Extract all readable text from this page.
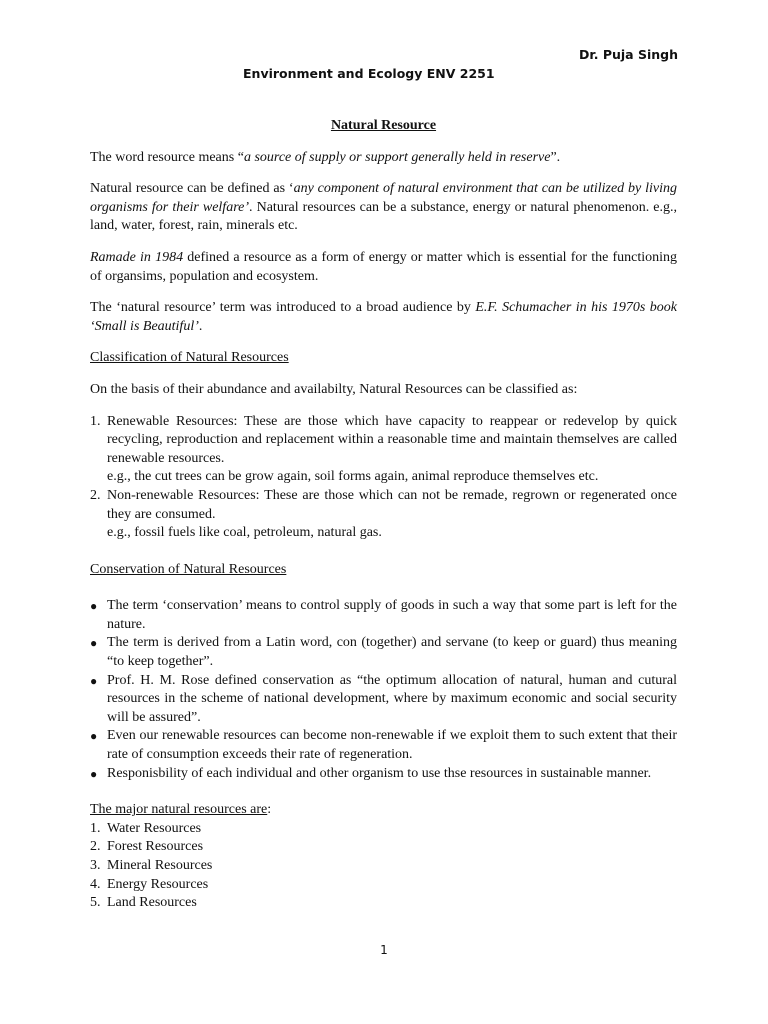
Dr. Puja Singh
Environment and Ecology ENV 2251
Natural Resource

The word resource means “a source of supply or support generally held in reserve”.

Natural resource can be defined as ‘any component of natural environment that can be utilized by living organisms for their welfare’. Natural resources can be a substance, energy or natural phenomenon. e.g., land, water, forest, rain, minerals etc.

Ramade in 1984 defined a resource as a form of energy or matter which is essential for the functioning of organsims, population and ecosystem.

The ‘natural resource’ term was introduced to a broad audience by E.F. Schumacher in his 1970s book ‘Small is Beautiful’.

Classification of Natural Resources

On the basis of their abundance and availabilty, Natural Resources can be classified as:

1. Renewable Resources: These are those which have capacity to reappear or redevelop by quick recycling, reproduction and replacement within a reasonable time and maintain themselves are called renewable resources.
e.g., the cut trees can be grow again, soil forms again, animal reproduce themselves etc.
2. Non-renewable Resources: These are those which can not be remade, regrown or regenerated once they are consumed.
e.g., fossil fuels like coal, petroleum, natural gas.
Conservation of Natural Resources
● The term ‘conservation’ means to control supply of goods in such a way that some part is left for the nature.
● The term is derived from a Latin word, con (together) and servane (to keep or guard) thus meaning “to keep together”.
● Prof. H. M. Rose defined conservation as “the optimum allocation of natural, human and cutural resources in the scheme of national development, where by maximum economic and social security will be assured”.
● Even our renewable resources can become non-renewable if we exploit them to such extent that their rate of consumption exceeds their rate of regeneration.
● Responisbility of each individual and other organism to use thse resources in sustainable manner.
The major natural resources are:
1. Water Resources
2. Forest Resources
3. Mineral Resources
4. Energy Resources
5. Land Resources
1
